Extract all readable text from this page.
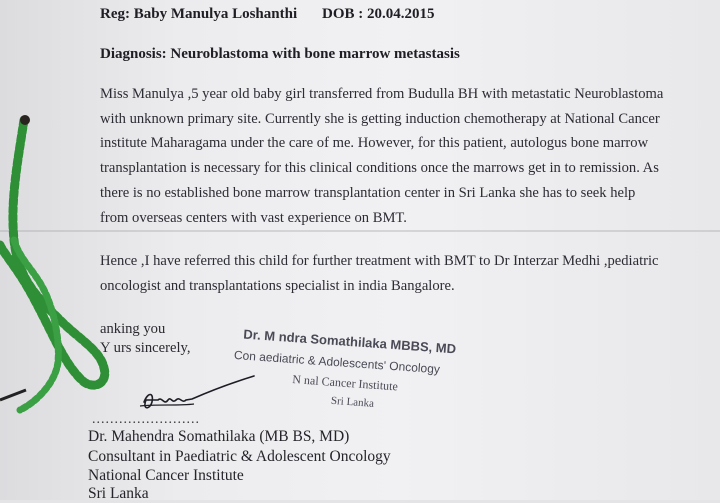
Reg: Baby Manulya Loshanthi DOB : 20.04.2015
Diagnosis: Neuroblastoma with bone marrow metastasis
Miss Manulya ,5 year old baby girl transferred from Budulla BH with metastatic Neuroblastoma
with unknown primary site. Currently she is getting induction chemotherapy at National Cancer
institute Maharagama under the care of me. However, for this patient, autologus bone marrow
transplantation is necessary for this clinical conditions once the marrows get in to remission. As
there is no established bone marrow transplantation center in Sri Lanka she has to seek help
from overseas centers with vast experience on BMT.
Hence ,I have referred this child for further treatment with BMT to Dr Interzar Medhi ,pediatric
oncologist and transplantations specialist in india Bangalore.
anking you
Y urs sincerely,	Dr. M ndra Somathilaka MBBS, MD
Con aediatric & Adolescents' Oncology
N nal Cancer Institute
Sri Lanka
........................
Dr. Mahendra Somathilaka (MB BS, MD)
Consultant in Paediatric & Adolescent Oncology
National Cancer Institute
Sri Lanka
